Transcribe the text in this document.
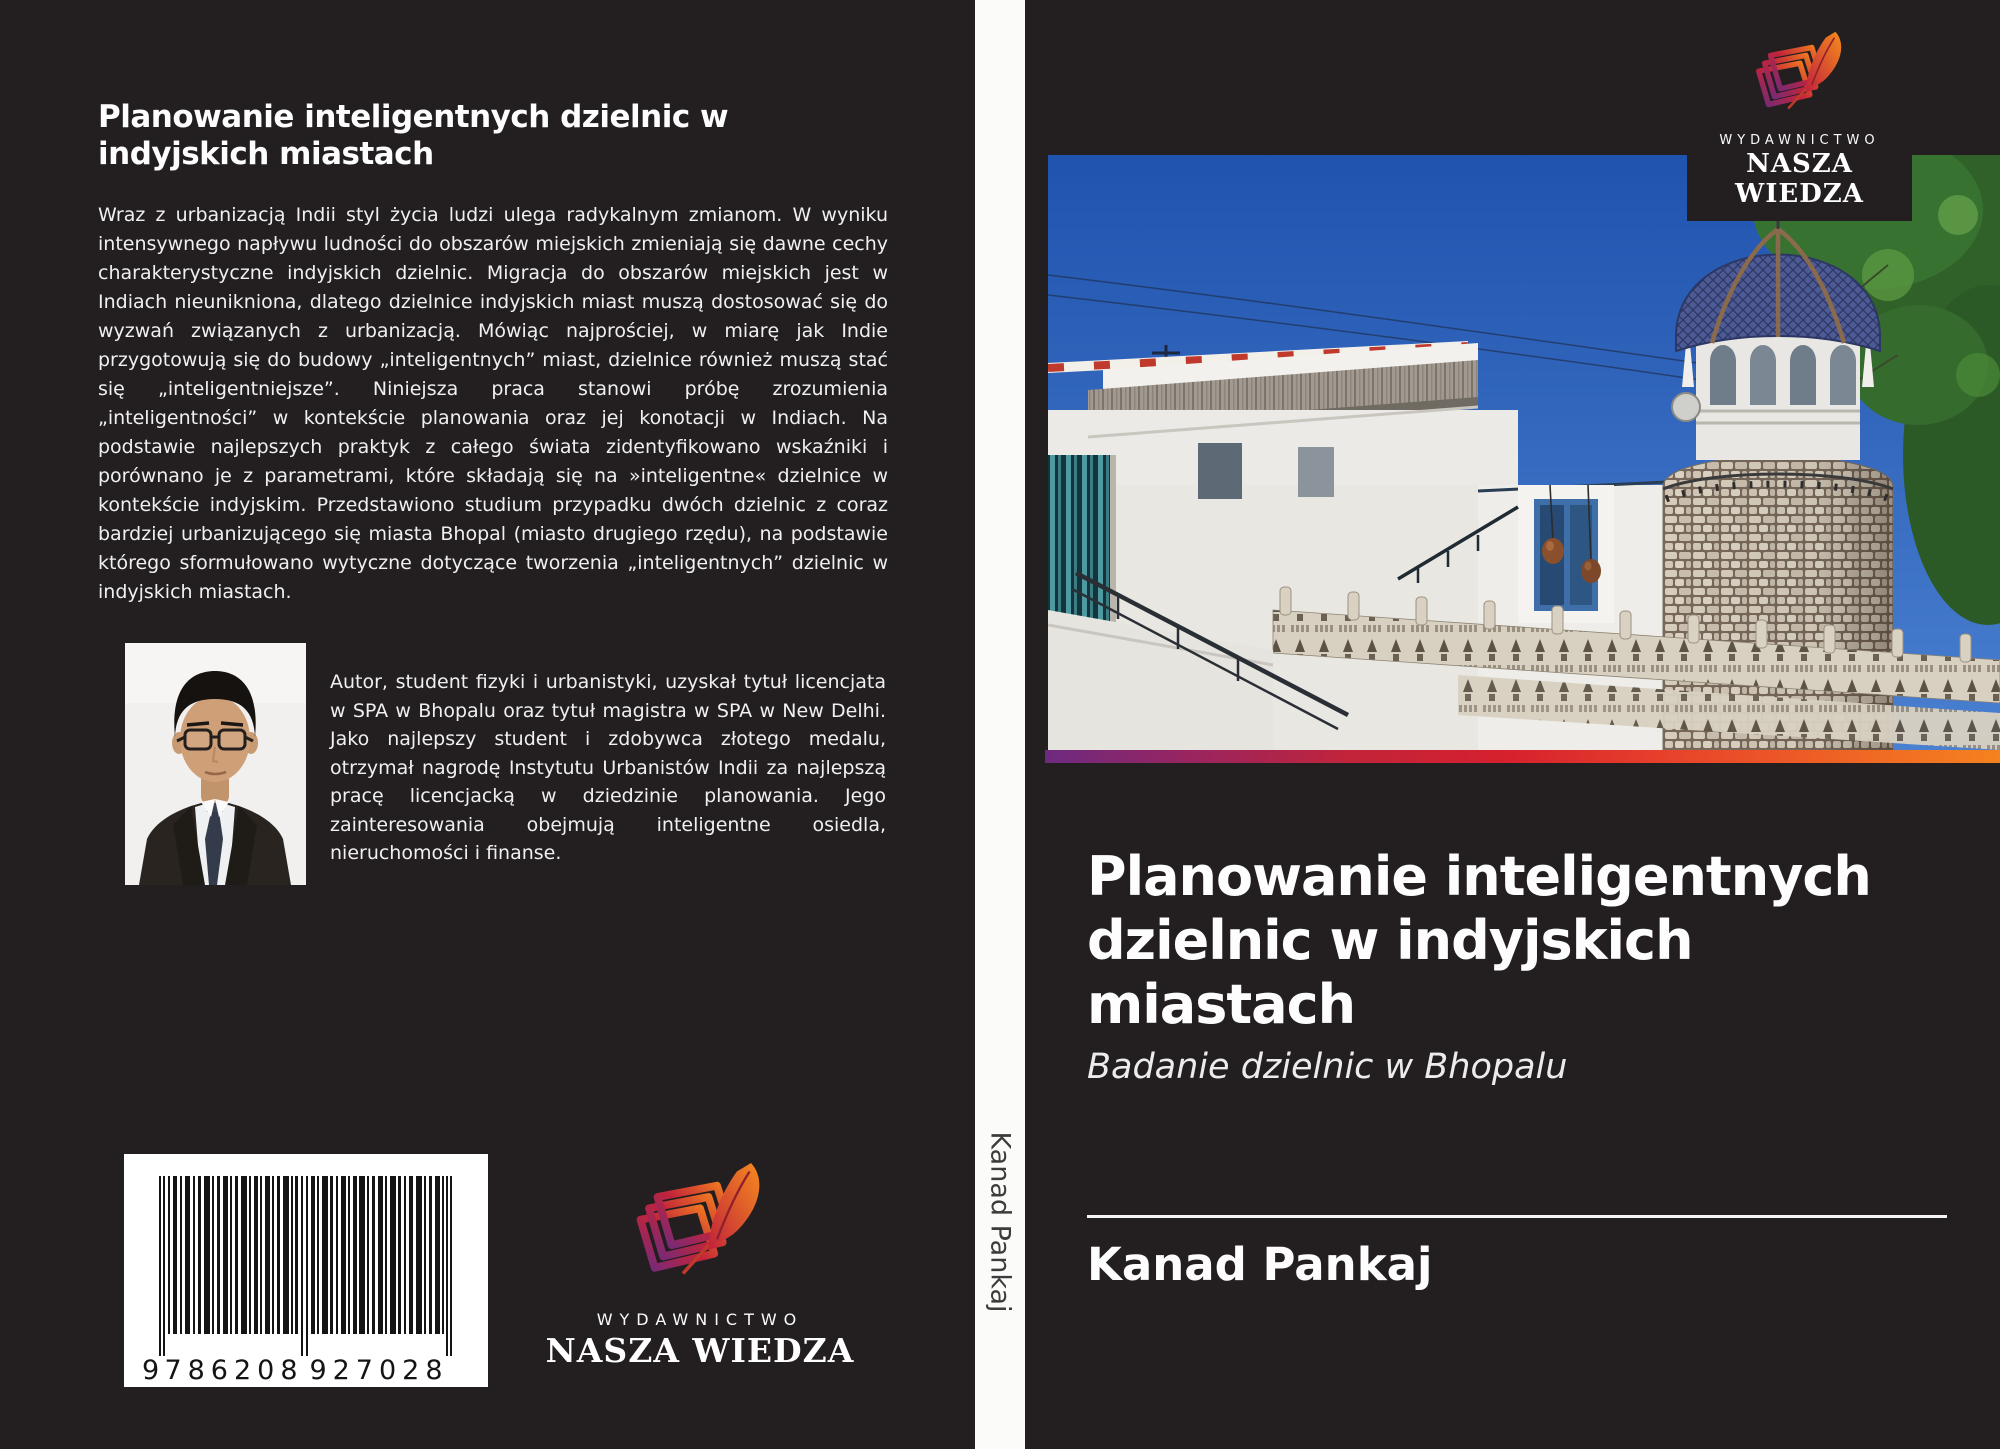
Planowanie inteligentnych dzielnic w indyjskich miastach

Wraz z urbanizacją Indii styl życia ludzi ulega radykalnym zmianom. W wyniku intensywnego napływu ludności do obszarów miejskich zmieniają się dawne cechy charakterystyczne indyjskich dzielnic. Migracja do obszarów miejskich jest w Indiach nieunikniona, dlatego dzielnice indyjskich miast muszą dostosować się do wyzwań związanych z urbanizacją. Mówiąc najprościej, w miarę jak Indie przygotowują się do budowy „inteligentnych” miast, dzielnice również muszą stać się „inteligentniejsze”. Niniejsza praca stanowi próbę zrozumienia „inteligentności” w kontekście planowania oraz jej konotacji w Indiach. Na podstawie najlepszych praktyk z całego świata zidentyfikowano wskaźniki i porównano je z parametrami, które składają się na »inteligentne« dzielnice w kontekście indyjskim. Przedstawiono studium przypadku dwóch dzielnic z coraz bardziej urbanizującego się miasta Bhopal (miasto drugiego rzędu), na podstawie którego sformułowano wytyczne dotyczące tworzenia „inteligentnych” dzielnic w indyjskich miastach.

Autor, student fizyki i urbanistyki, uzyskał tytuł licencjata w SPA w Bhopalu oraz tytuł magistra w SPA w New Delhi. Jako najlepszy student i zdobywca złotego medalu, otrzymał nagrodę Instytutu Urbanistów Indii za najlepszą pracę licencjacką w dziedzinie planowania. Jego zainteresowania obejmują inteligentne osiedla, nieruchomości i finanse.

9 786208 927028
WYDAWNICTWO
NASZA WIEDZA
Kanad Pankaj
WYDAWNICTWO
NASZA WIEDZA
Planowanie inteligentnych dzielnic w indyjskich miastach

Badanie dzielnic w Bhopalu

Kanad Pankaj
